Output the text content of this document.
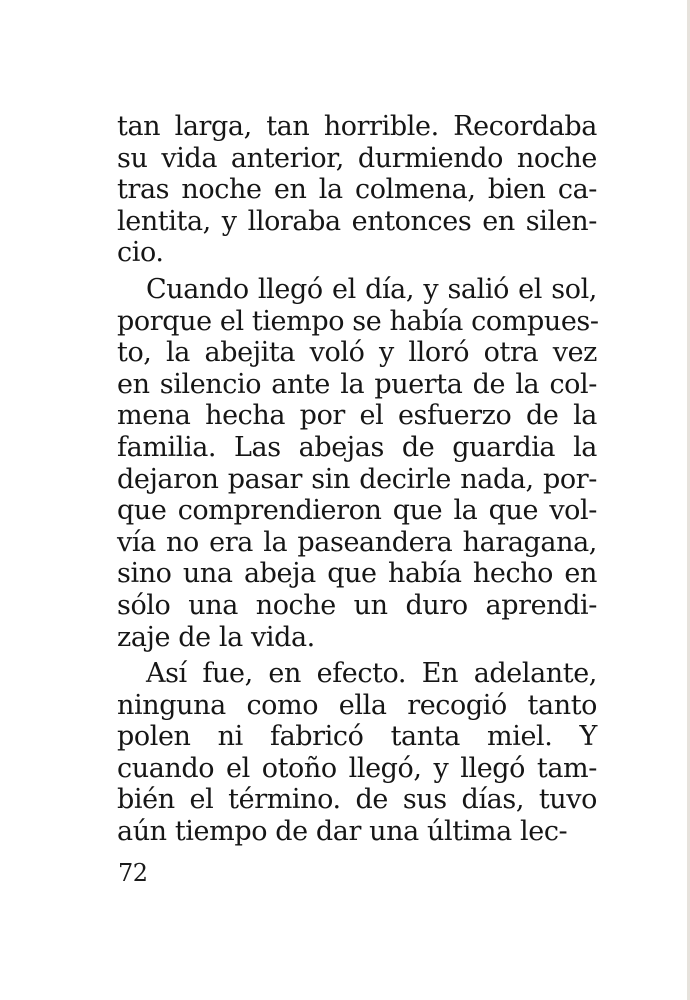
tan larga, tan horrible. Recordaba
su vida anterior, durmiendo noche
tras noche en la colmena, bien ca-
lentita, y lloraba entonces en silen-
cio.
Cuando llegó el día, y salió el sol,
porque el tiempo se había compues-
to, la abejita voló y lloró otra vez
en silencio ante la puerta de la col-
mena hecha por el esfuerzo de la
familia. Las abejas de guardia la
dejaron pasar sin decirle nada, por-
que comprendieron que la que vol-
vía no era la paseandera haragana,
sino una abeja que había hecho en
sólo una noche un duro aprendi-
zaje de la vida.
Así fue, en efecto. En adelante,
ninguna como ella recogió tanto
polen ni fabricó tanta miel. Y
cuando el otoño llegó, y llegó tam-
bién el término. de sus días, tuvo
aún tiempo de dar una última lec-
72
